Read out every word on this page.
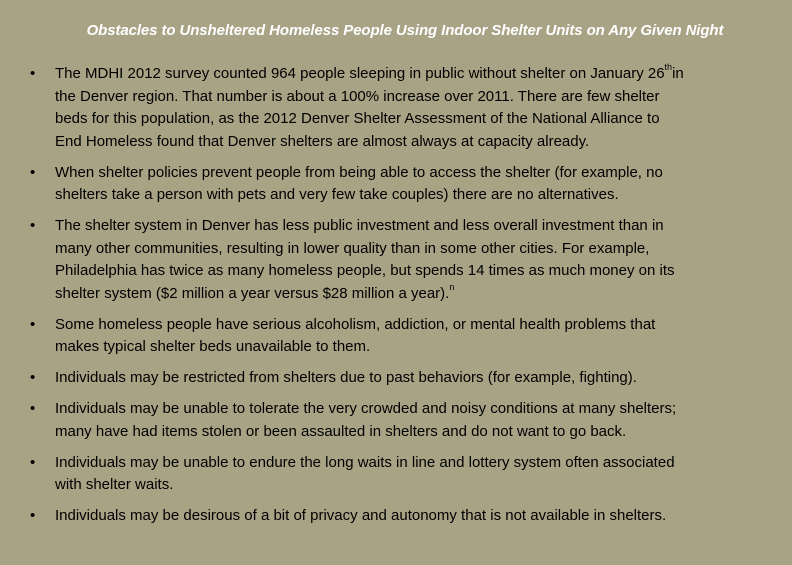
Obstacles to Unsheltered Homeless People Using Indoor Shelter Units on Any Given Night
• The MDHI 2012 survey counted 964 people sleeping in public without shelter on January 26thin
the Denver region. That number is about a 100% increase over 2011. There are few shelter
beds for this population, as the 2012 Denver Shelter Assessment of the National Alliance to
End Homeless found that Denver shelters are almost always at capacity already.
• When shelter policies prevent people from being able to access the shelter (for example, no
shelters take a person with pets and very few take couples) there are no alternatives.
• The shelter system in Denver has less public investment and less overall investment than in
many other communities, resulting in lower quality than in some other cities. For example,
Philadelphia has twice as many homeless people, but spends 14 times as much money on its
shelter system ($2 million a year versus $28 million a year).$^n$
• Some homeless people have serious alcoholism, addiction, or mental health problems that
makes typical shelter beds unavailable to them.
• Individuals may be restricted from shelters due to past behaviors (for example, fighting).
• Individuals may be unable to tolerate the very crowded and noisy conditions at many shelters;
many have had items stolen or been assaulted in shelters and do not want to go back.
• Individuals may be unable to endure the long waits in line and lottery system often associated
with shelter waits.
• Individuals may be desirous of a bit of privacy and autonomy that is not available in shelters.
